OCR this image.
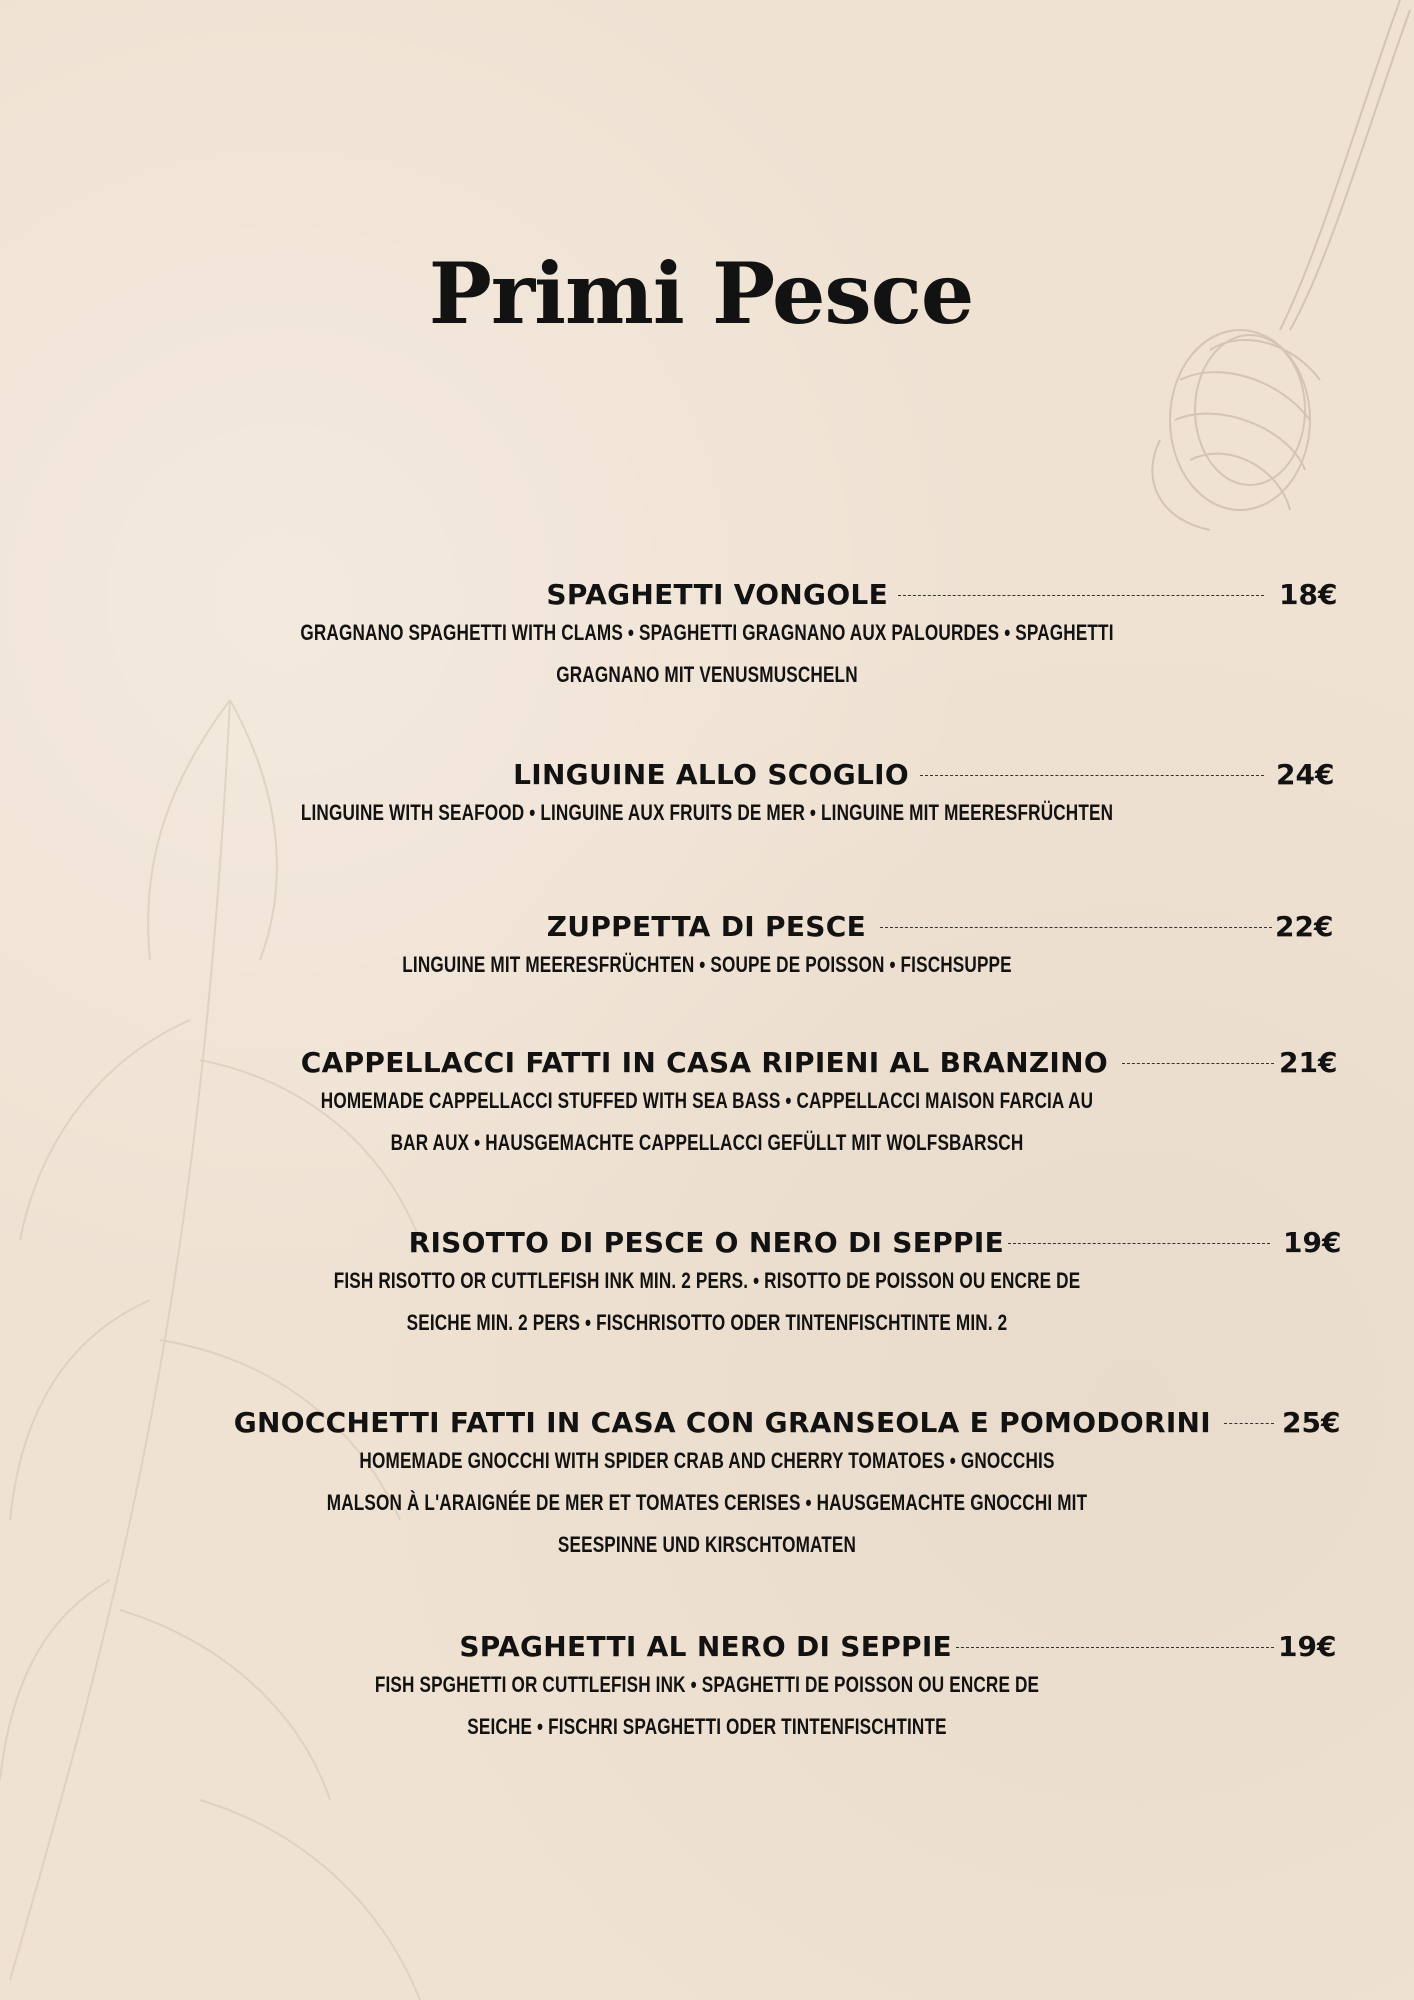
Primi Pesce
SPAGHETTI VONGOLE	18€
GRAGNANO SPAGHETTI WITH CLAMS • SPAGHETTI GRAGNANO AUX PALOURDES • SPAGHETTI
GRAGNANO MIT VENUSMUSCHELN
LINGUINE ALLO SCOGLIO	24€
LINGUINE WITH SEAFOOD • LINGUINE AUX FRUITS DE MER • LINGUINE MIT MEERESFRÜCHTEN
ZUPPETTA DI PESCE	22€
LINGUINE MIT MEERESFRÜCHTEN • SOUPE DE POISSON • FISCHSUPPE
CAPPELLACCI FATTI IN CASA RIPIENI AL BRANZINO	21€
HOMEMADE CAPPELLACCI STUFFED WITH SEA BASS • CAPPELLACCI MAISON FARCIA AU
BAR AUX • HAUSGEMACHTE CAPPELLACCI GEFÜLLT MIT WOLFSBARSCH
RISOTTO DI PESCE O NERO DI SEPPIE	19€
FISH RISOTTO OR CUTTLEFISH INK MIN. 2 PERS. • RISOTTO DE POISSON OU ENCRE DE
SEICHE MIN. 2 PERS • FISCHRISOTTO ODER TINTENFISCHTINTE MIN. 2
GNOCCHETTI FATTI IN CASA CON GRANSEOLA E POMODORINI	25€
HOMEMADE GNOCCHI WITH SPIDER CRAB AND CHERRY TOMATOES • GNOCCHIS
MALSON À L'ARAIGNÉE DE MER ET TOMATES CERISES • HAUSGEMACHTE GNOCCHI MIT
SEESPINNE UND KIRSCHTOMATEN
SPAGHETTI AL NERO DI SEPPIE	19€
FISH SPGHETTI OR CUTTLEFISH INK • SPAGHETTI DE POISSON OU ENCRE DE
SEICHE • FISCHRI SPAGHETTI ODER TINTENFISCHTINTE
